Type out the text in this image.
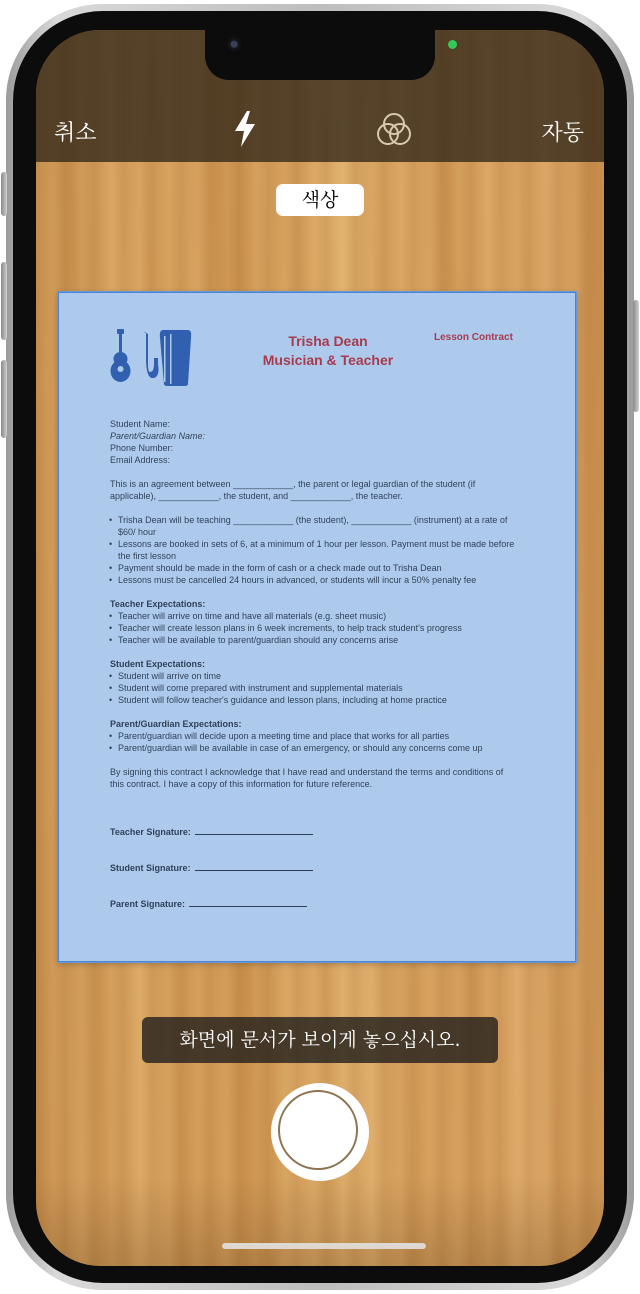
취소	자동
색상
Trisha Dean
Musician & Teacher
Lesson Contract
Student Name:
Parent/Guardian Name:
Phone Number:
Email Address:
This is an agreement between ____________, the parent or legal guardian of the student (if
applicable), ____________, the student, and ____________, the teacher.
• Trisha Dean will be teaching ____________ (the student), ____________ (instrument) at a rate of $60/ hour
• Lessons are booked in sets of 6, at a minimum of 1 hour per lesson. Payment must be made before the first lesson
• Payment should be made in the form of cash or a check made out to Trisha Dean
• Lessons must be cancelled 24 hours in advanced, or students will incur a 50% penalty fee
Teacher Expectations:
• Teacher will arrive on time and have all materials (e.g. sheet music)
• Teacher will create lesson plans in 6 week increments, to help track student's progress
• Teacher will be available to parent/guardian should any concerns arise
Student Expectations:
• Student will arrive on time
• Student will come prepared with instrument and supplemental materials
• Student will follow teacher's guidance and lesson plans, including at home practice
Parent/Guardian Expectations:
• Parent/guardian will decide upon a meeting time and place that works for all parties
• Parent/guardian will be available in case of an emergency, or should any concerns come up
By signing this contract I acknowledge that I have read and understand the terms and conditions of
this contract. I have a copy of this information for future reference.
Teacher Signature:
Student Signature:
Parent Signature:
화면에 문서가 보이게 놓으십시오.
